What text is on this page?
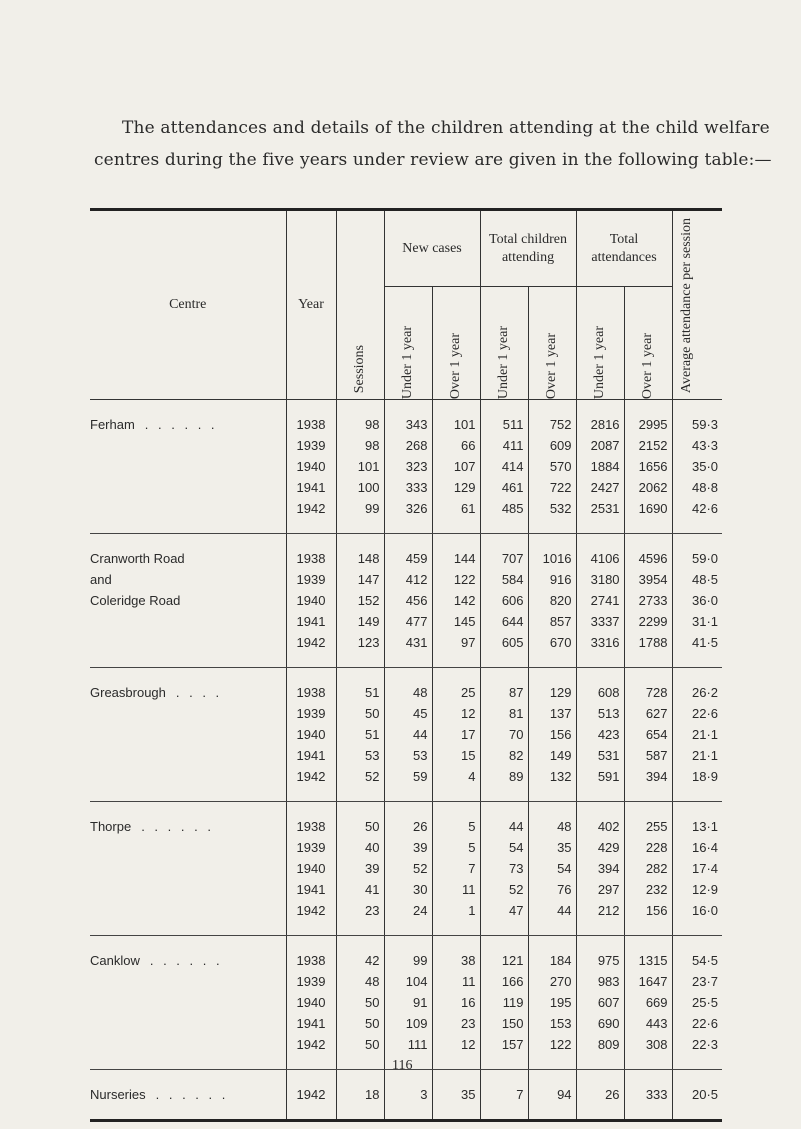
The attendances and details of the children attending at the child welfare centres during the five years under review are given in the following table:—

Centre	Year	Sessions	New cases		Total children attending		Total attendances		Average attendance per session

			Under 1 year	Over 1 year	Under 1 year	Over 1 year	Under 1 year	Over 1 year	

Ferham . . . . . .	1938	98	343	101	511	752	2816	2995	59·3
	1939	98	268	66	411	609	2087	2152	43·3
	1940	101	323	107	414	570	1884	1656	35·0
	1941	100	333	129	461	722	2427	2062	48·8
	1942	99	326	61	485	532	2531	1690	42·6
Cranworth Road	1938	148	459	144	707	1016	4106	4596	59·0
and	1939	147	412	122	584	916	3180	3954	48·5
Coleridge Road	1940	152	456	142	606	820	2741	2733	36·0
	1941	149	477	145	644	857	3337	2299	31·1
	1942	123	431	97	605	670	3316	1788	41·5
Greasbrough . . . .	1938	51	48	25	87	129	608	728	26·2
	1939	50	45	12	81	137	513	627	22·6
	1940	51	44	17	70	156	423	654	21·1
	1941	53	53	15	82	149	531	587	21·1
	1942	52	59	4	89	132	591	394	18·9
Thorpe . . . . . .	1938	50	26	5	44	48	402	255	13·1
	1939	40	39	5	54	35	429	228	16·4
	1940	39	52	7	73	54	394	282	17·4
	1941	41	30	11	52	76	297	232	12·9
	1942	23	24	1	47	44	212	156	16·0
Canklow . . . . . .	1938	42	99	38	121	184	975	1315	54·5
	1939	48	104	11	166	270	983	1647	23·7
	1940	50	91	16	119	195	607	669	25·5
	1941	50	109	23	150	153	690	443	22·6
	1942	50	111	12	157	122	809	308	22·3
Nurseries . . . . . .	1942	18	3	35	7	94	26	333	20·5
116
